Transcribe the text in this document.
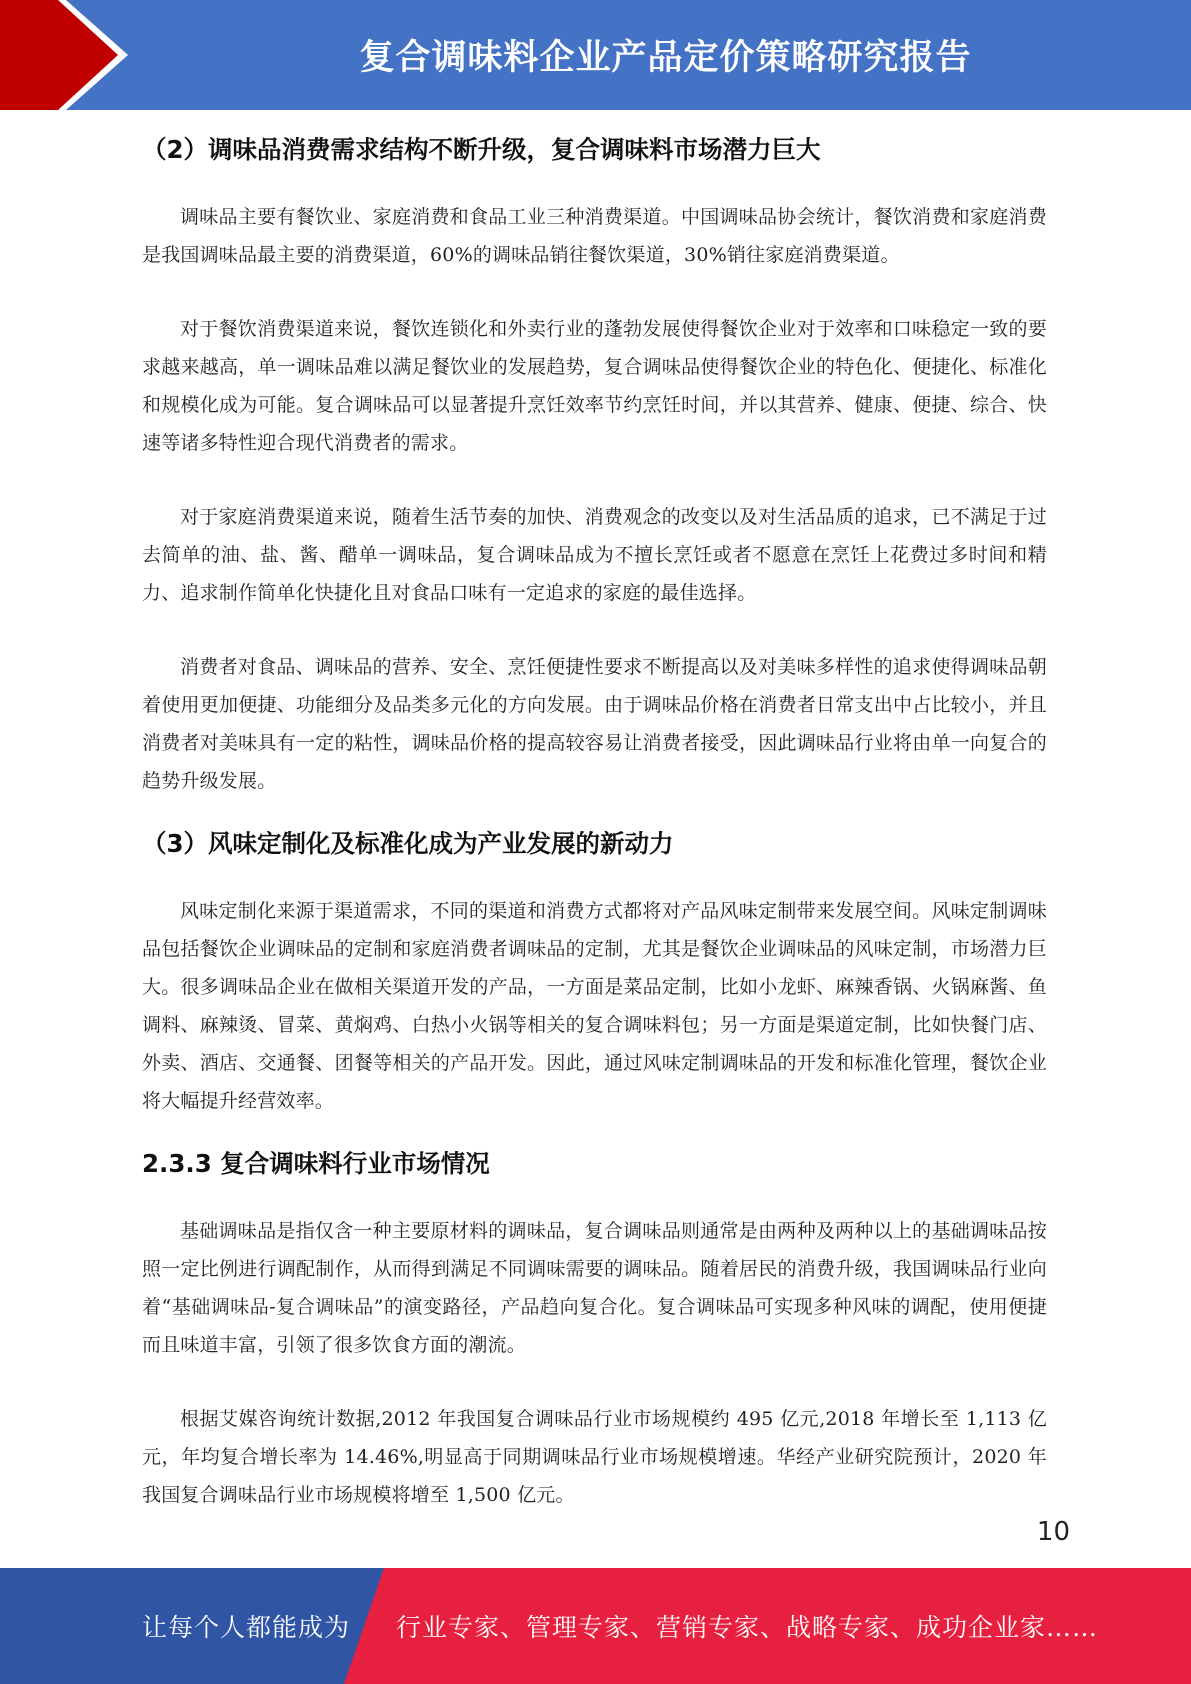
复合调味料企业产品定价策略研究报告
（2）调味品消费需求结构不断升级，复合调味料市场潜力巨大

调味品主要有餐饮业、家庭消费和食品工业三种消费渠道。中国调味品协会统计，餐饮消费和家庭消费是我国调味品最主要的消费渠道，60%的调味品销往餐饮渠道，30%销往家庭消费渠道。

对于餐饮消费渠道来说，餐饮连锁化和外卖行业的蓬勃发展使得餐饮企业对于效率和口味稳定一致的要求越来越高，单一调味品难以满足餐饮业的发展趋势，复合调味品使得餐饮企业的特色化、便捷化、标准化和规模化成为可能。复合调味品可以显著提升烹饪效率节约烹饪时间，并以其营养、健康、便捷、综合、快速等诸多特性迎合现代消费者的需求。

对于家庭消费渠道来说，随着生活节奏的加快、消费观念的改变以及对生活品质的追求，已不满足于过去简单的油、盐、酱、醋单一调味品，复合调味品成为不擅长烹饪或者不愿意在烹饪上花费过多时间和精力、追求制作简单化快捷化且对食品口味有一定追求的家庭的最佳选择。

消费者对食品、调味品的营养、安全、烹饪便捷性要求不断提高以及对美味多样性的追求使得调味品朝着使用更加便捷、功能细分及品类多元化的方向发展。由于调味品价格在消费者日常支出中占比较小，并且消费者对美味具有一定的粘性，调味品价格的提高较容易让消费者接受，因此调味品行业将由单一向复合的趋势升级发展。

（3）风味定制化及标准化成为产业发展的新动力

风味定制化来源于渠道需求，不同的渠道和消费方式都将对产品风味定制带来发展空间。风味定制调味品包括餐饮企业调味品的定制和家庭消费者调味品的定制，尤其是餐饮企业调味品的风味定制，市场潜力巨大。很多调味品企业在做相关渠道开发的产品，一方面是菜品定制，比如小龙虾、麻辣香锅、火锅麻酱、鱼调料、麻辣烫、冒菜、黄焖鸡、白热小火锅等相关的复合调味料包；另一方面是渠道定制，比如快餐门店、外卖、酒店、交通餐、团餐等相关的产品开发。因此，通过风味定制调味品的开发和标准化管理，餐饮企业将大幅提升经营效率。

2.3.3 复合调味料行业市场情况

基础调味品是指仅含一种主要原材料的调味品，复合调味品则通常是由两种及两种以上的基础调味品按照一定比例进行调配制作，从而得到满足不同调味需要的调味品。随着居民的消费升级，我国调味品行业向着“基础调味品-复合调味品”的演变路径，产品趋向复合化。复合调味品可实现多种风味的调配，使用便捷而且味道丰富，引领了很多饮食方面的潮流。

根据艾媒咨询统计数据,2012 年我国复合调味品行业市场规模约 495 亿元,2018 年增长至 1,113 亿元，年均复合增长率为 14.46%,明显高于同期调味品行业市场规模增速。华经产业研究院预计，2020 年我国复合调味品行业市场规模将增至 1,500 亿元。

10
让每个人都能成为 行业专家、管理专家、营销专家、战略专家、成功企业家……
